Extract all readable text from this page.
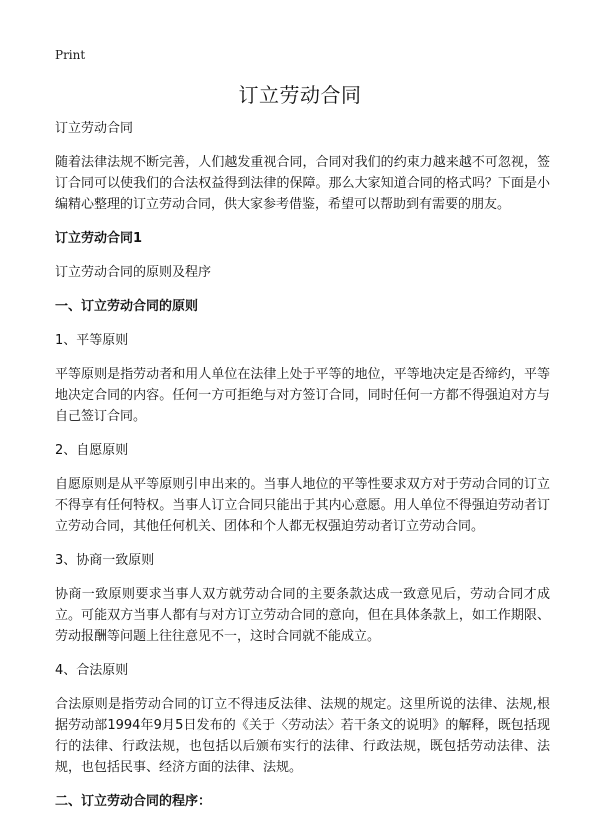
Print
订立劳动合同

订立劳动合同

随着法律法规不断完善，人们越发重视合同，合同对我们的约束力越来越不可忽视，签订合同可以使我们的合法权益得到法律的保障。那么大家知道合同的格式吗？下面是小编精心整理的订立劳动合同，供大家参考借鉴，希望可以帮助到有需要的朋友。

订立劳动合同1

订立劳动合同的原则及程序

一、订立劳动合同的原则

1、平等原则

平等原则是指劳动者和用人单位在法律上处于平等的地位，平等地决定是否缔约，平等地决定合同的内容。任何一方可拒绝与对方签订合同，同时任何一方都不得强迫对方与自己签订合同。

2、自愿原则

自愿原则是从平等原则引申出来的。当事人地位的平等性要求双方对于劳动合同的订立不得享有任何特权。当事人订立合同只能出于其内心意愿。用人单位不得强迫劳动者订立劳动合同，其他任何机关、团体和个人都无权强迫劳动者订立劳动合同。

3、协商一致原则

协商一致原则要求当事人双方就劳动合同的主要条款达成一致意见后，劳动合同才成立。可能双方当事人都有与对方订立劳动合同的意向，但在具体条款上，如工作期限、劳动报酬等问题上往往意见不一，这时合同就不能成立。

4、合法原则

合法原则是指劳动合同的订立不得违反法律、法规的规定。这里所说的法律、法规,根据劳动部1994年9月5日发布的《关于〈劳动法〉若干条文的说明》的解释，既包括现行的法律、行政法规，也包括以后颁布实行的法律、行政法规，既包括劳动法律、法规，也包括民事、经济方面的法律、法规。

二、订立劳动合同的程序：
